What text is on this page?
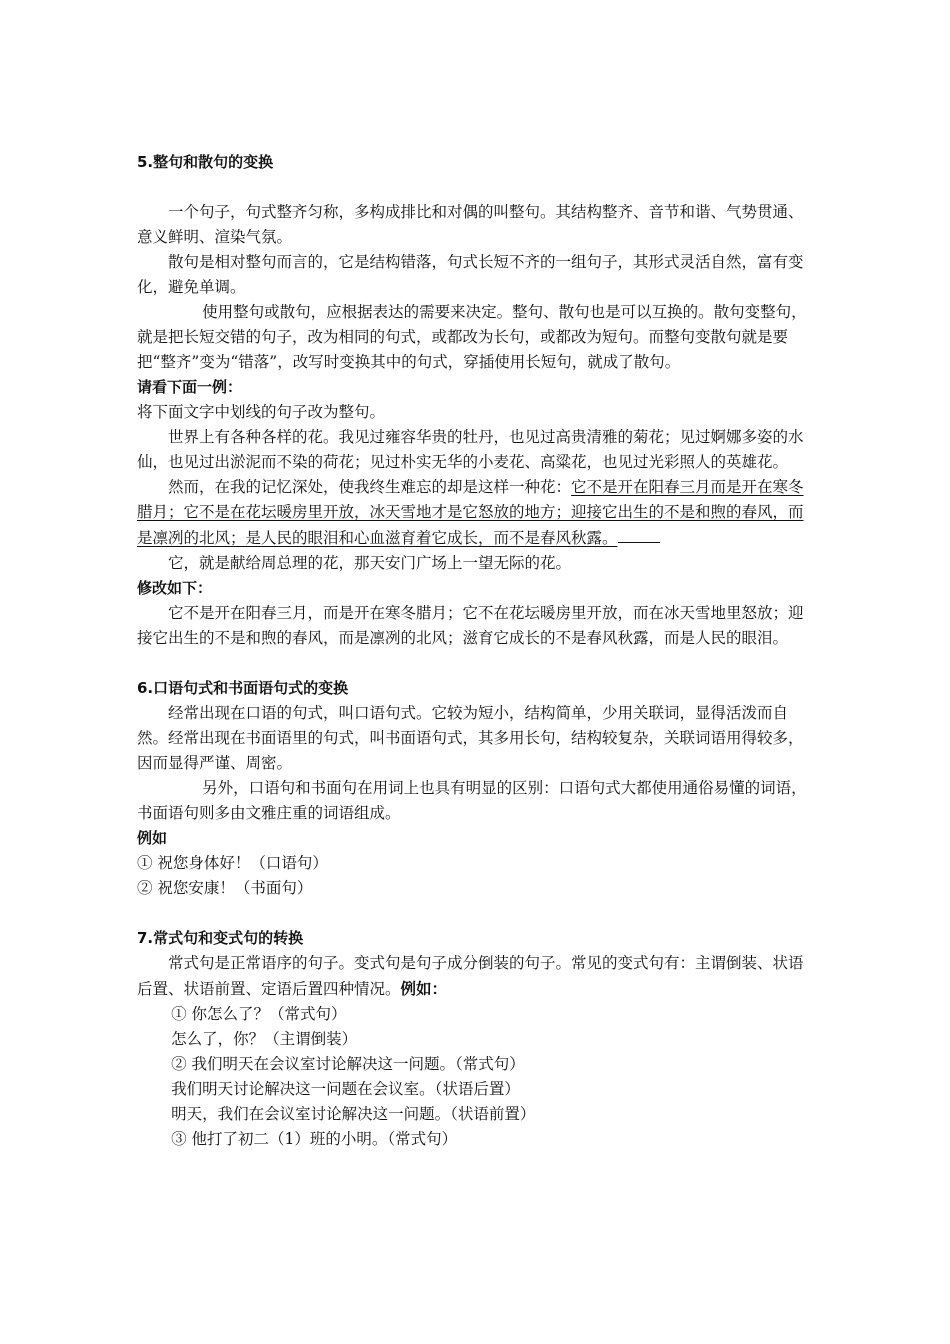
5.整句和散句的变换

一个句子，句式整齐匀称，多构成排比和对偶的叫整句。其结构整齐、音节和谐、气势贯通、意义鲜明、渲染气氛。

散句是相对整句而言的，它是结构错落，句式长短不齐的一组句子，其形式灵活自然，富有变化，避免单调。

使用整句或散句，应根据表达的需要来决定。整句、散句也是可以互换的。散句变整句，就是把长短交错的句子，改为相同的句式，或都改为长句，或都改为短句。而整句变散句就是要把“整齐”变为“错落”，改写时变换其中的句式，穿插使用长短句，就成了散句。

请看下面一例：

将下面文字中划线的句子改为整句。

世界上有各种各样的花。我见过雍容华贵的牡丹，也见过高贵清雅的菊花；见过婀娜多姿的水仙，也见过出淤泥而不染的荷花；见过朴实无华的小麦花、高粱花，也见过光彩照人的英雄花。

然而，在我的记忆深处，使我终生难忘的却是这样一种花：它不是开在阳春三月而是开在寒冬腊月；它不是在花坛暖房里开放，冰天雪地才是它怒放的地方；迎接它出生的不是和煦的春风，而是凛冽的北风；是人民的眼泪和心血滋育着它成长，而不是春风秋露。

它，就是献给周总理的花，那天安门广场上一望无际的花。

修改如下：

它不是开在阳春三月，而是开在寒冬腊月；它不在花坛暖房里开放，而在冰天雪地里怒放；迎接它出生的不是和煦的春风，而是凛冽的北风；滋育它成长的不是春风秋露，而是人民的眼泪。

6.口语句式和书面语句式的变换

经常出现在口语的句式，叫口语句式。它较为短小，结构简单，少用关联词，显得活泼而自然。经常出现在书面语里的句式，叫书面语句式，其多用长句，结构较复杂，关联词语用得较多，因而显得严谨、周密。

另外，口语句和书面句在用词上也具有明显的区别：口语句式大都使用通俗易懂的词语，书面语句则多由文雅庄重的词语组成。

例如

① 祝您身体好！（口语句）

② 祝您安康！（书面句）

7.常式句和变式句的转换

常式句是正常语序的句子。变式句是句子成分倒装的句子。常见的变式句有：主谓倒装、状语后置、状语前置、定语后置四种情况。例如：

① 你怎么了？（常式句）

怎么了，你？（主谓倒装）

② 我们明天在会议室讨论解决这一问题。（常式句）

我们明天讨论解决这一问题在会议室。（状语后置）

明天，我们在会议室讨论解决这一问题。（状语前置）

③ 他打了初二（1）班的小明。（常式句）
